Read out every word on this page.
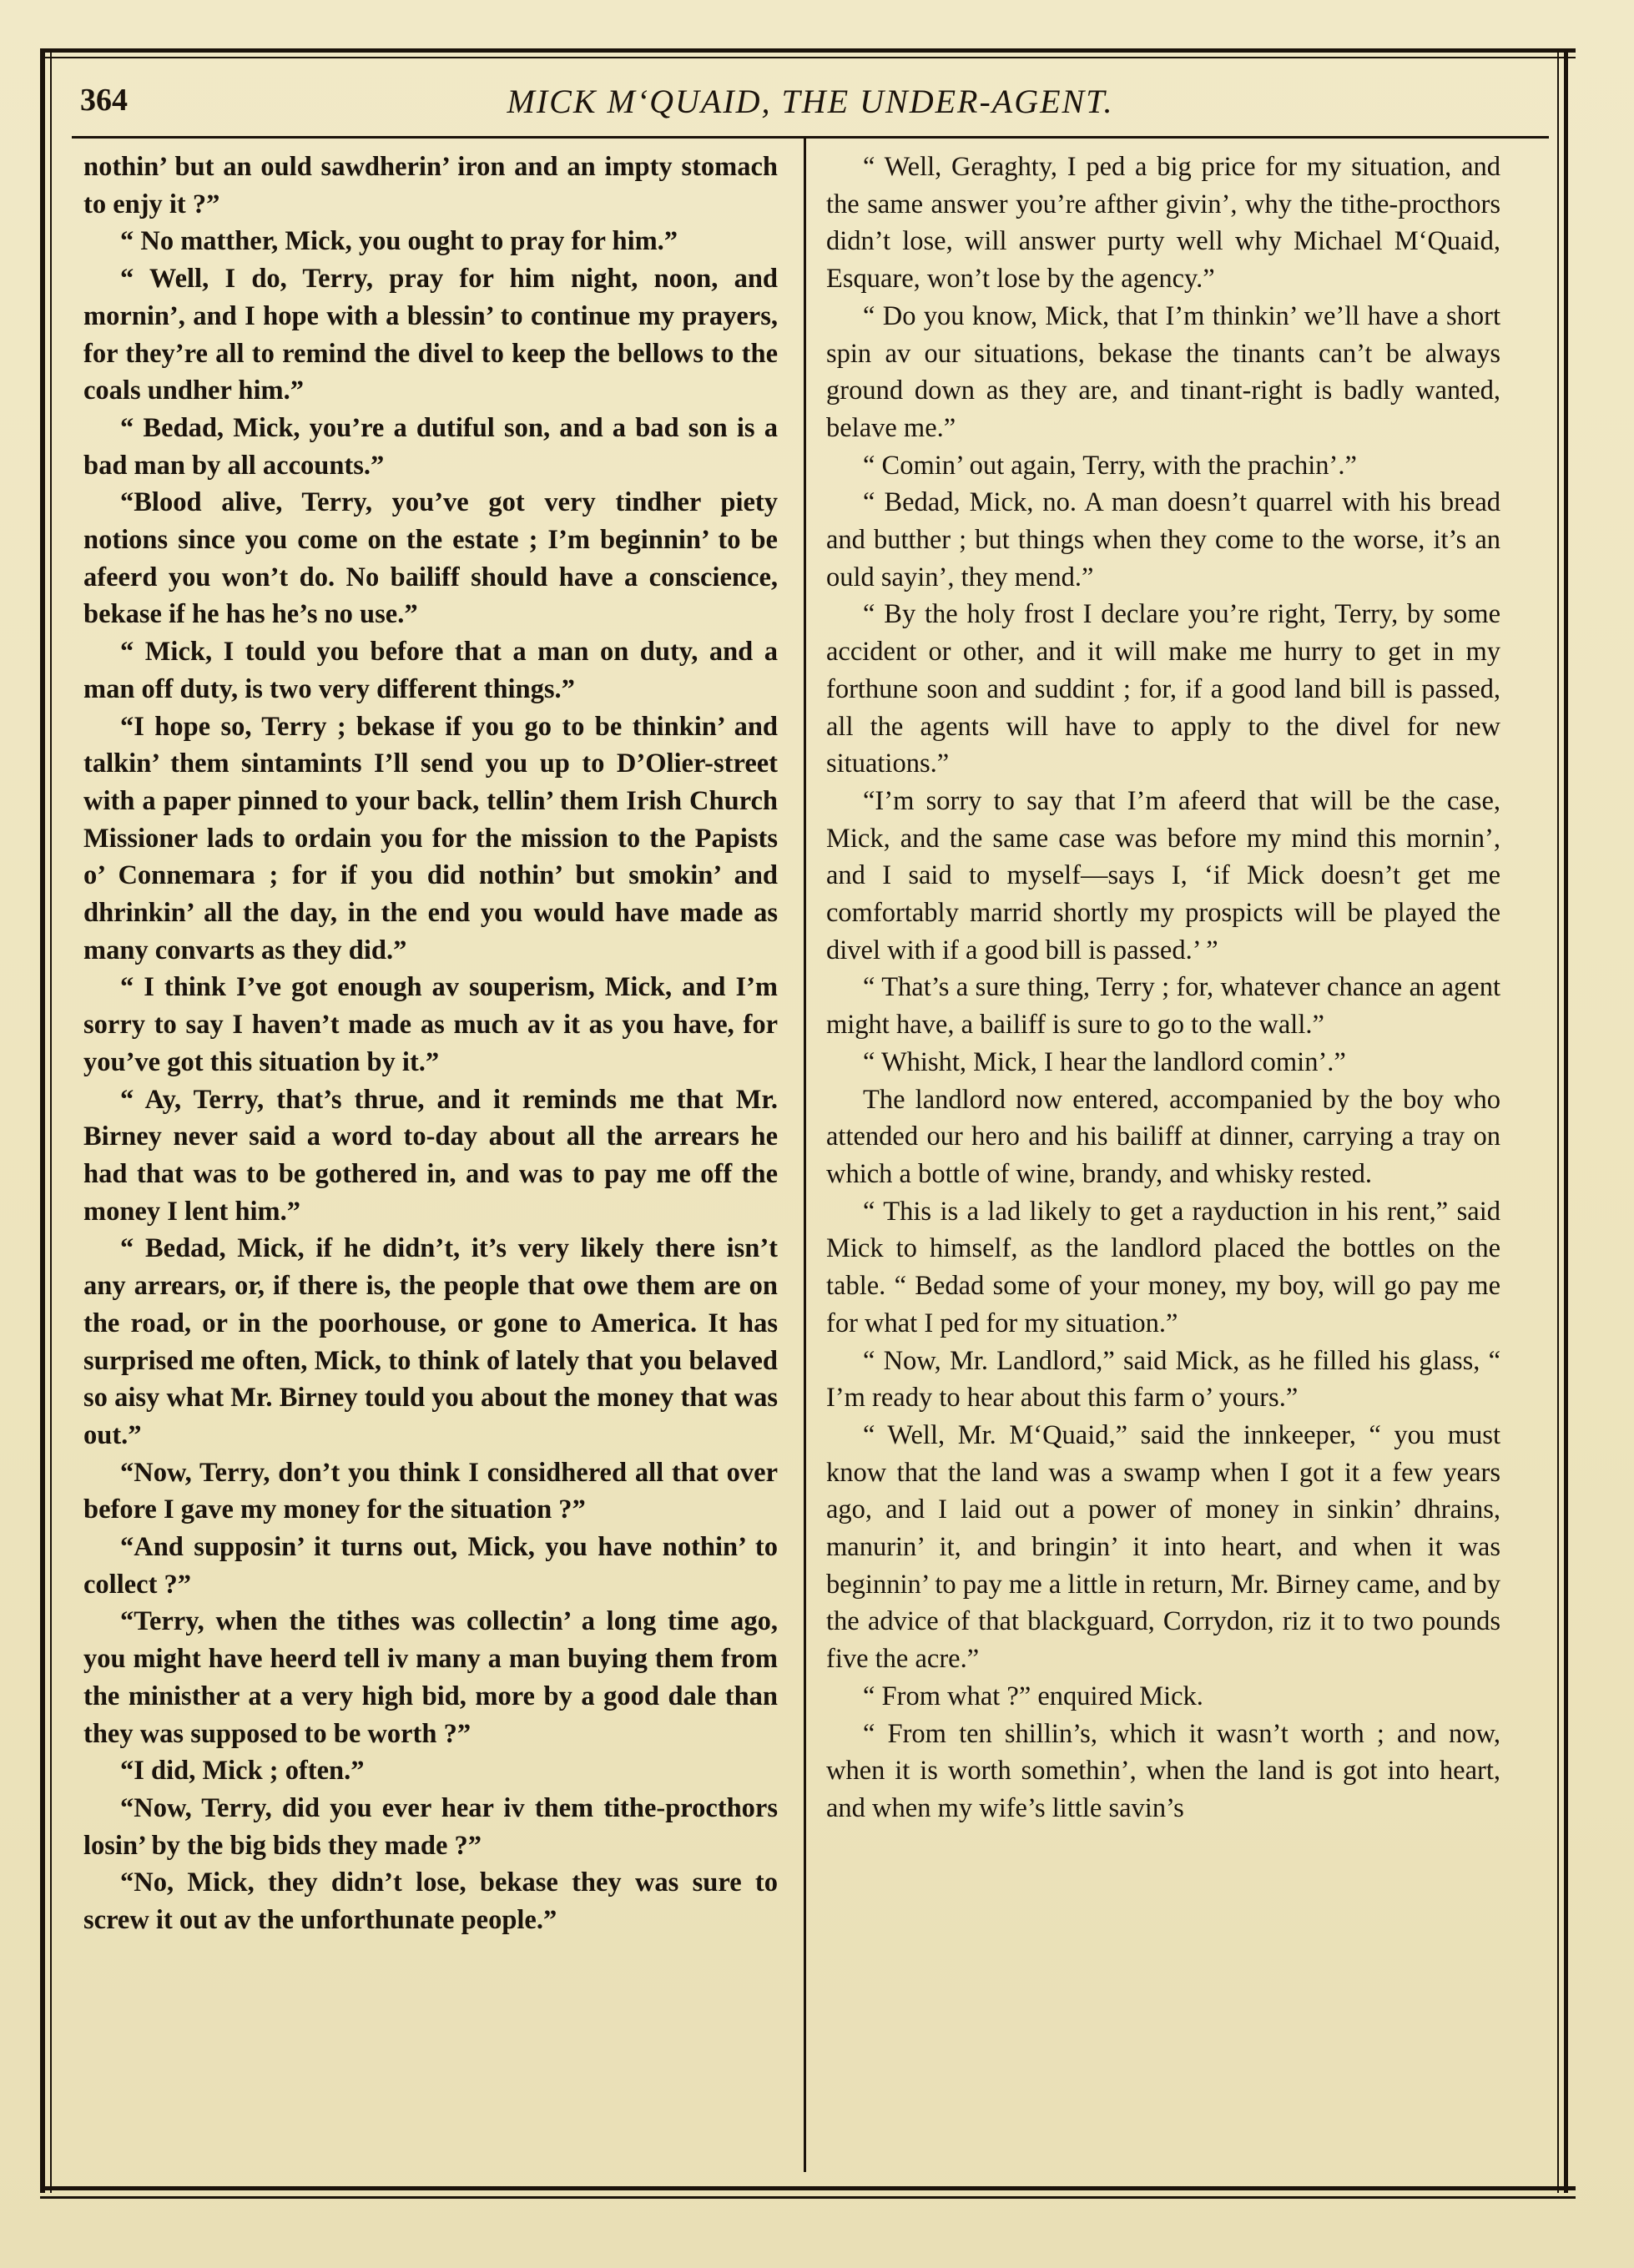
364	MICK M‘QUAID, THE UNDER-AGENT.

nothin’ but an ould sawdherin’ iron and an impty stomach to enjy it ?”

“ No matther, Mick, you ought to pray for him.”

“ Well, I do, Terry, pray for him night, noon, and mornin’, and I hope with a blessin’ to continue my prayers, for they’re all to remind the divel to keep the bellows to the coals undher him.”

“ Bedad, Mick, you’re a dutiful son, and a bad son is a bad man by all accounts.”

“Blood alive, Terry, you’ve got very tindher piety notions since you come on the estate ; I’m beginnin’ to be afeerd you won’t do. No bailiff should have a conscience, bekase if he has he’s no use.”

“ Mick, I tould you before that a man on duty, and a man off duty, is two very different things.”

“I hope so, Terry ; bekase if you go to be thinkin’ and talkin’ them sintamints I’ll send you up to D’Olier-street with a paper pinned to your back, tellin’ them Irish Church Missioner lads to ordain you for the mission to the Papists o’ Connemara ; for if you did nothin’ but smokin’ and dhrinkin’ all the day, in the end you would have made as many convarts as they did.”

“ I think I’ve got enough av souperism, Mick, and I’m sorry to say I haven’t made as much av it as you have, for you’ve got this situation by it.”

“ Ay, Terry, that’s thrue, and it reminds me that Mr. Birney never said a word to-day about all the arrears he had that was to be gothered in, and was to pay me off the money I lent him.”

“ Bedad, Mick, if he didn’t, it’s very likely there isn’t any arrears, or, if there is, the people that owe them are on the road, or in the poorhouse, or gone to America. It has surprised me often, Mick, to think of lately that you belaved so aisy what Mr. Birney tould you about the money that was out.”

“Now, Terry, don’t you think I considhered all that over before I gave my money for the situation ?”

“And supposin’ it turns out, Mick, you have nothin’ to collect ?”

“Terry, when the tithes was collectin’ a long time ago, you might have heerd tell iv many a man buying them from the ministher at a very high bid, more by a good dale than they was supposed to be worth ?”

“I did, Mick ; often.”

“Now, Terry, did you ever hear iv them tithe-procthors losin’ by the big bids they made ?”

“No, Mick, they didn’t lose, bekase they was sure to screw it out av the unforthunate people.”

“ Well, Geraghty, I ped a big price for my situation, and the same answer you’re afther givin’, why the tithe-procthors didn’t lose, will answer purty well why Michael M‘Quaid, Esquare, won’t lose by the agency.”

“ Do you know, Mick, that I’m thinkin’ we’ll have a short spin av our situations, bekase the tinants can’t be always ground down as they are, and tinant-right is badly wanted, belave me.”

“ Comin’ out again, Terry, with the prachin’.”

“ Bedad, Mick, no. A man doesn’t quarrel with his bread and butther ; but things when they come to the worse, it’s an ould sayin’, they mend.”

“ By the holy frost I declare you’re right, Terry, by some accident or other, and it will make me hurry to get in my forthune soon and suddint ; for, if a good land bill is passed, all the agents will have to apply to the divel for new situations.”

“I’m sorry to say that I’m afeerd that will be the case, Mick, and the same case was before my mind this mornin’, and I said to myself—says I, ‘if Mick doesn’t get me comfortably marrid shortly my prospicts will be played the divel with if a good bill is passed.’ ”

“ That’s a sure thing, Terry ; for, whatever chance an agent might have, a bailiff is sure to go to the wall.”

“ Whisht, Mick, I hear the landlord comin’.”

The landlord now entered, accompanied by the boy who attended our hero and his bailiff at dinner, carrying a tray on which a bottle of wine, brandy, and whisky rested.

“ This is a lad likely to get a rayduction in his rent,” said Mick to himself, as the landlord placed the bottles on the table. “ Bedad some of your money, my boy, will go pay me for what I ped for my situation.”

“ Now, Mr. Landlord,” said Mick, as he filled his glass, “ I’m ready to hear about this farm o’ yours.”

“ Well, Mr. M‘Quaid,” said the innkeeper, “ you must know that the land was a swamp when I got it a few years ago, and I laid out a power of money in sinkin’ dhrains, manurin’ it, and bringin’ it into heart, and when it was beginnin’ to pay me a little in return, Mr. Birney came, and by the advice of that blackguard, Corrydon, riz it to two pounds five the acre.”

“ From what ?” enquired Mick.

“ From ten shillin’s, which it wasn’t worth ; and now, when it is worth somethin’, when the land is got into heart, and when my wife’s little savin’s
